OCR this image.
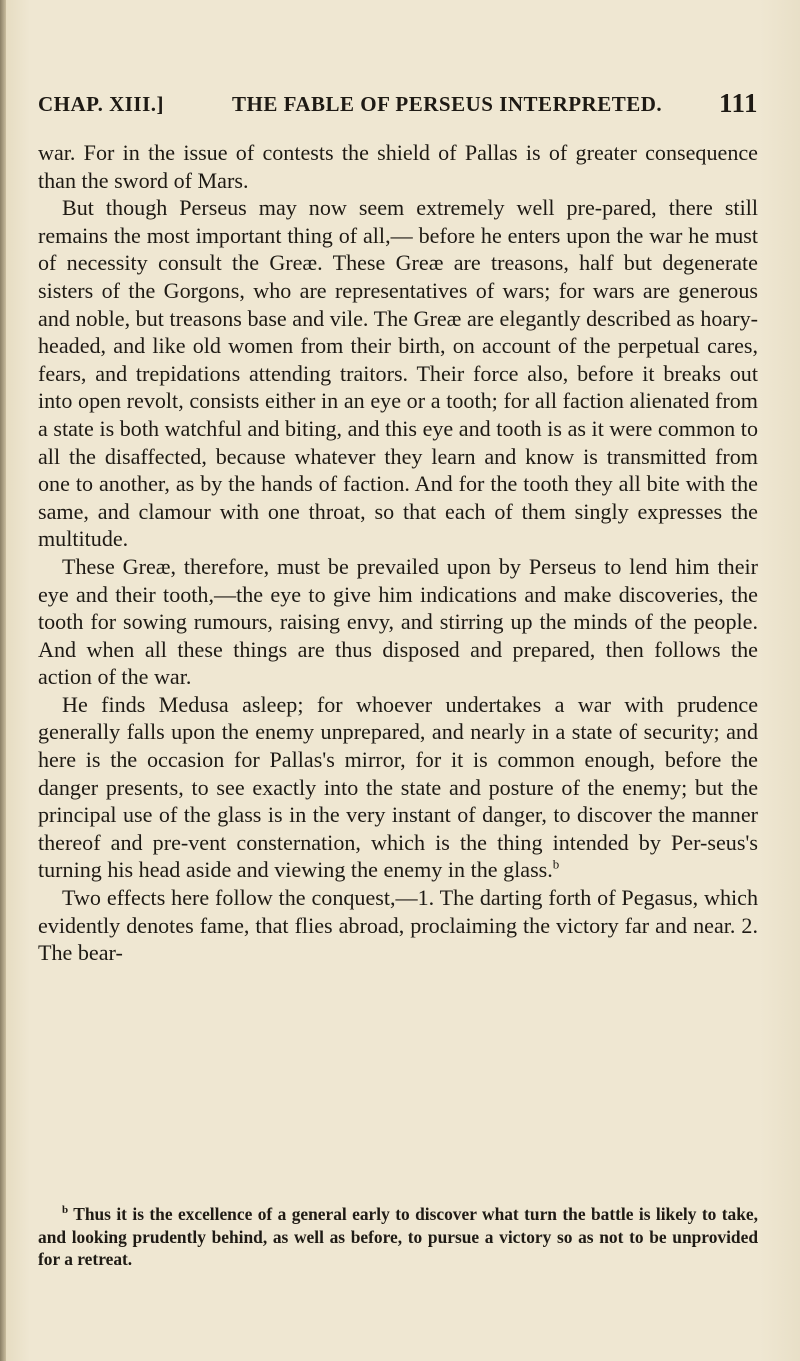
CHAP. XIII.]	THE FABLE OF PERSEUS INTERPRETED. 111

war. For in the issue of contests the shield of Pallas is of greater consequence than the sword of Mars.

But though Perseus may now seem extremely well pre-pared, there still remains the most important thing of all,— before he enters upon the war he must of necessity consult the Greæ. These Greæ are treasons, half but degenerate sisters of the Gorgons, who are representatives of wars; for wars are generous and noble, but treasons base and vile. The Greæ are elegantly described as hoary-headed, and like old women from their birth, on account of the perpetual cares, fears, and trepidations attending traitors. Their force also, before it breaks out into open revolt, consists either in an eye or a tooth; for all faction alienated from a state is both watchful and biting, and this eye and tooth is as it were common to all the disaffected, because whatever they learn and know is transmitted from one to another, as by the hands of faction. And for the tooth they all bite with the same, and clamour with one throat, so that each of them singly expresses the multitude.

These Greæ, therefore, must be prevailed upon by Perseus to lend him their eye and their tooth,—the eye to give him indications and make discoveries, the tooth for sowing rumours, raising envy, and stirring up the minds of the people. And when all these things are thus disposed and prepared, then follows the action of the war.

He finds Medusa asleep; for whoever undertakes a war with prudence generally falls upon the enemy unprepared, and nearly in a state of security; and here is the occasion for Pallas's mirror, for it is common enough, before the danger presents, to see exactly into the state and posture of the enemy; but the principal use of the glass is in the very instant of danger, to discover the manner thereof and pre-vent consternation, which is the thing intended by Per-seus's turning his head aside and viewing the enemy in the glass.$^b$

Two effects here follow the conquest,—1. The darting forth of Pegasus, which evidently denotes fame, that flies abroad, proclaiming the victory far and near. 2. The bear-

$^b$ Thus it is the excellence of a general early to discover what turn the battle is likely to take, and looking prudently behind, as well as before, to pursue a victory so as not to be unprovided for a retreat.
